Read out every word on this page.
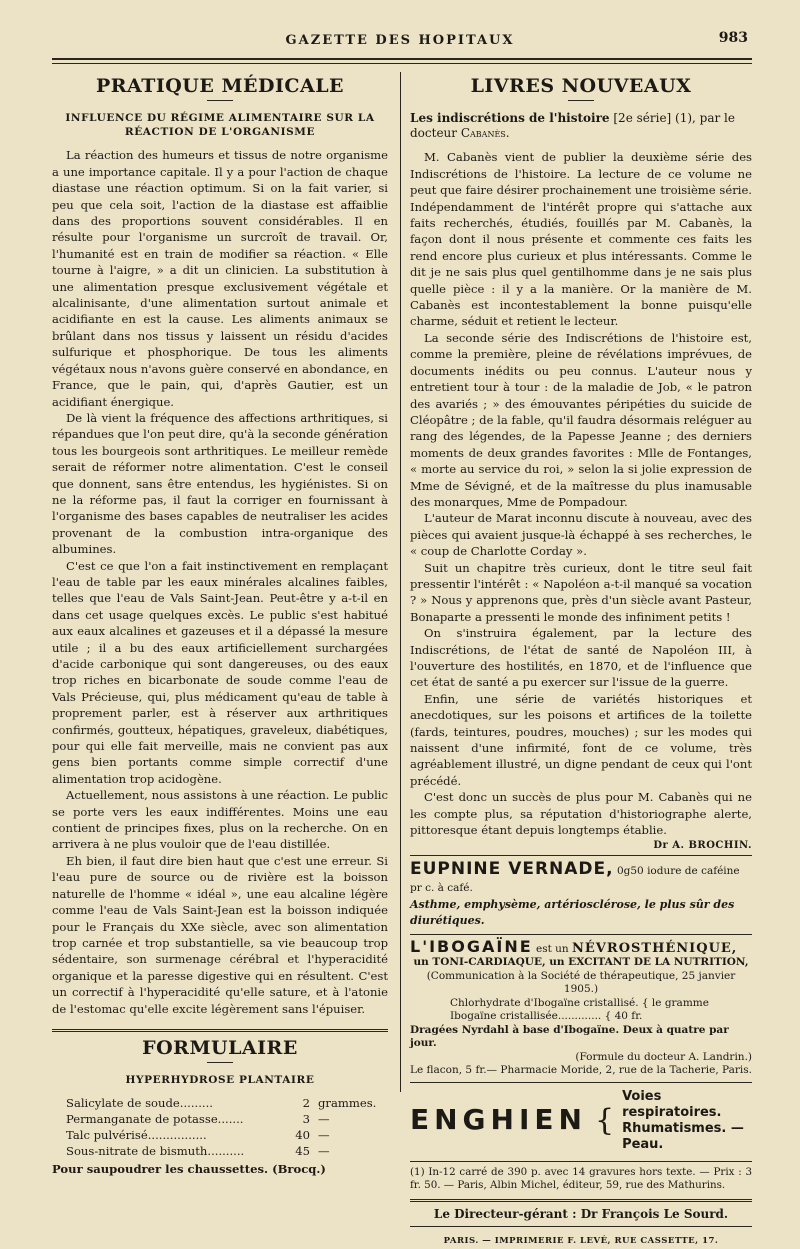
GAZETTE DES HOPITAUX	983
PRATIQUE MÉDICALE
INFLUENCE DU RÉGIME ALIMENTAIRE SUR LA RÉACTION DE L'ORGANISME

La réaction des humeurs et tissus de notre organisme a une importance capitale. Il y a pour l'action de chaque diastase une réaction optimum. Si on la fait varier, si peu que cela soit, l'action de la diastase est affaiblie dans des proportions souvent considérables. Il en résulte pour l'organisme un surcroît de travail. Or, l'humanité est en train de modifier sa réaction. « Elle tourne à l'aigre, » a dit un clinicien. La substitution à une alimentation presque exclusivement végétale et alcalinisante, d'une alimentation surtout animale et acidifiante en est la cause. Les aliments animaux se brûlant dans nos tissus y laissent un résidu d'acides sulfurique et phosphorique. De tous les aliments végétaux nous n'avons guère conservé en abondance, en France, que le pain, qui, d'après Gautier, est un acidifiant énergique.

De là vient la fréquence des affections arthritiques, si répandues que l'on peut dire, qu'à la seconde génération tous les bourgeois sont arthritiques. Le meilleur remède serait de réformer notre alimentation. C'est le conseil que donnent, sans être entendus, les hygiénistes. Si on ne la réforme pas, il faut la corriger en fournissant à l'organisme des bases capables de neutraliser les acides provenant de la combustion intra-organique des albumines.

C'est ce que l'on a fait instinctivement en remplaçant l'eau de table par les eaux minérales alcalines faibles, telles que l'eau de Vals Saint-Jean. Peut-être y a-t-il en dans cet usage quelques excès. Le public s'est habitué aux eaux alcalines et gazeuses et il a dépassé la mesure utile ; il a bu des eaux artificiellement surchargées d'acide carbonique qui sont dangereuses, ou des eaux trop riches en bicarbonate de soude comme l'eau de Vals Précieuse, qui, plus médicament qu'eau de table à proprement parler, est à réserver aux arthritiques confirmés, goutteux, hépatiques, graveleux, diabétiques, pour qui elle fait merveille, mais ne convient pas aux gens bien portants comme simple correctif d'une alimentation trop acidogène.

Actuellement, nous assistons à une réaction. Le public se porte vers les eaux indifférentes. Moins une eau contient de principes fixes, plus on la recherche. On en arrivera à ne plus vouloir que de l'eau distillée.

Eh bien, il faut dire bien haut que c'est une erreur. Si l'eau pure de source ou de rivière est la boisson naturelle de l'homme « idéal », une eau alcaline légère comme l'eau de Vals Saint-Jean est la boisson indiquée pour le Français du XXe siècle, avec son alimentation trop carnée et trop substantielle, sa vie beaucoup trop sédentaire, son surmenage cérébral et l'hyperacidité organique et la paresse digestive qui en résultent. C'est un correctif à l'hyperacidité qu'elle sature, et à l'atonie de l'estomac qu'elle excite légèrement sans l'épuiser.

FORMULAIRE
HYPERHYDROSE PLANTAIRE
Salicylate de soude.........	2	grammes.
Permanganate de potasse.......	3	—
Talc pulvérisé................	40	—
Sous-nitrate de bismuth..........	45	—
Pour saupoudrer les chaussettes. (Brocq.)
LIVRES NOUVEAUX
Les indiscrétions de l'histoire [2e série] (1), par le docteur Cabanès.

M. Cabanès vient de publier la deuxième série des Indiscrétions de l'histoire. La lecture de ce volume ne peut que faire désirer prochainement une troisième série. Indépendamment de l'intérêt propre qui s'attache aux faits recherchés, étudiés, fouillés par M. Cabanès, la façon dont il nous présente et commente ces faits les rend encore plus curieux et plus intéressants. Comme le dit je ne sais plus quel gentilhomme dans je ne sais plus quelle pièce : il y a la manière. Or la manière de M. Cabanès est incontestablement la bonne puisqu'elle charme, séduit et retient le lecteur.

La seconde série des Indiscrétions de l'histoire est, comme la première, pleine de révélations imprévues, de documents inédits ou peu connus. L'auteur nous y entretient tour à tour : de la maladie de Job, « le patron des avariés ; » des émouvantes péripéties du suicide de Cléopâtre ; de la fable, qu'il faudra désormais reléguer au rang des légendes, de la Papesse Jeanne ; des derniers moments de deux grandes favorites : Mlle de Fontanges, « morte au service du roi, » selon la si jolie expression de Mme de Sévigné, et de la maîtresse du plus inamusable des monarques, Mme de Pompadour.

L'auteur de Marat inconnu discute à nouveau, avec des pièces qui avaient jusque-là échappé à ses recherches, le « coup de Charlotte Corday ».

Suit un chapitre très curieux, dont le titre seul fait pressentir l'intérêt : « Napoléon a-t-il manqué sa vocation ? » Nous y apprenons que, près d'un siècle avant Pasteur, Bonaparte a pressenti le monde des infiniment petits !

On s'instruira également, par la lecture des Indiscrétions, de l'état de santé de Napoléon III, à l'ouverture des hostilités, en 1870, et de l'influence que cet état de santé a pu exercer sur l'issue de la guerre.

Enfin, une série de variétés historiques et anecdotiques, sur les poisons et artifices de la toilette (fards, teintures, poudres, mouches) ; sur les modes qui naissent d'une infirmité, font de ce volume, très agréablement illustré, un digne pendant de ceux qui l'ont précédé.

C'est donc un succès de plus pour M. Cabanès qui ne les compte plus, sa réputation d'historiographe alerte, pittoresque étant depuis longtemps établie.

Dr A. BROCHIN.
EUPNINE VERNADE, 0g50 iodure de caféine pr c. à café.
Asthme, emphysème, artériosclérose, le plus sûr des diurétiques.
L'IBOGAÏNE est un NÉVROSTHÉNIQUE,
un TONI-CARDIAQUE, un EXCITANT DE LA NUTRITION,
(Communication à la Société de thérapeutique, 25 janvier 1905.)
Chlorhydrate d'Ibogaïne cristallisé. { le gramme
Ibogaïne cristallisée............. { 40 fr.
Dragées Nyrdahl à base d'Ibogaïne. Deux à quatre par jour.
(Formule du docteur A. Landrin.)
Le flacon, 5 fr.— Pharmacie Moride, 2, rue de la Tacherie, Paris.
ENGHIEN {
Voies respiratoires.
Rhumatismes. — Peau.
(1) In-12 carré de 390 p. avec 14 gravures hors texte. — Prix : 3 fr. 50. — Paris, Albin Michel, éditeur, 59, rue des Mathurins.
Le Directeur-gérant : Dr François Le Sourd.
PARIS. — IMPRIMERIE F. LEVÉ, RUE CASSETTE, 17.
